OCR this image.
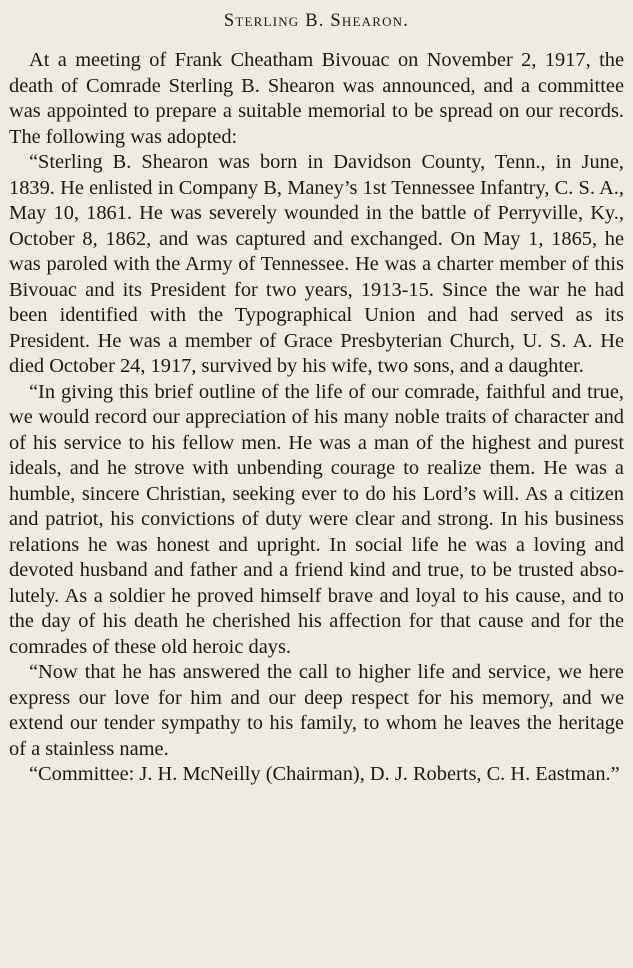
Sterling B. Shearon.

At a meeting of Frank Cheatham Bivouac on November 2, 1917, the death of Comrade Sterling B. Shearon was announced, and a committee was appointed to prepare a suitable memorial to be spread on our records. The following was adopted:

“Sterling B. Shearon was born in Davidson County, Tenn., in June, 1839. He enlisted in Company B, Maney’s 1st Tennessee Infantry, C. S. A., May 10, 1861. He was severely wounded in the battle of Perryville, Ky., October 8, 1862, and was captured and exchanged. On May 1, 1865, he was paroled with the Army of Tennessee. He was a charter member of this Bivouac and its President for two years, 1913-15. Since the war he had been identified with the Typographical Union and had served as its President. He was a member of Grace Presbyterian Church, U. S. A. He died October 24, 1917, survived by his wife, two sons, and a daughter.

“In giving this brief outline of the life of our comrade, faithful and true, we would record our appreciation of his many noble traits of character and of his service to his fellow men. He was a man of the highest and purest ideals, and he strove with unbending courage to realize them. He was a humble, sincere Christian, seeking ever to do his Lord’s will. As a citizen and patriot, his convictions of duty were clear and strong. In his business relations he was honest and upright. In social life he was a loving and devoted husband and father and a friend kind and true, to be trusted absolutely. As a soldier he proved himself brave and loyal to his cause, and to the day of his death he cherished his affection for that cause and for the comrades of these old heroic days.

“Now that he has answered the call to higher life and service, we here express our love for him and our deep respect for his memory, and we extend our tender sympathy to his family, to whom he leaves the heritage of a stainless name.

“Committee: J. H. McNeilly (Chairman), D. J. Roberts, C. H. Eastman.”
